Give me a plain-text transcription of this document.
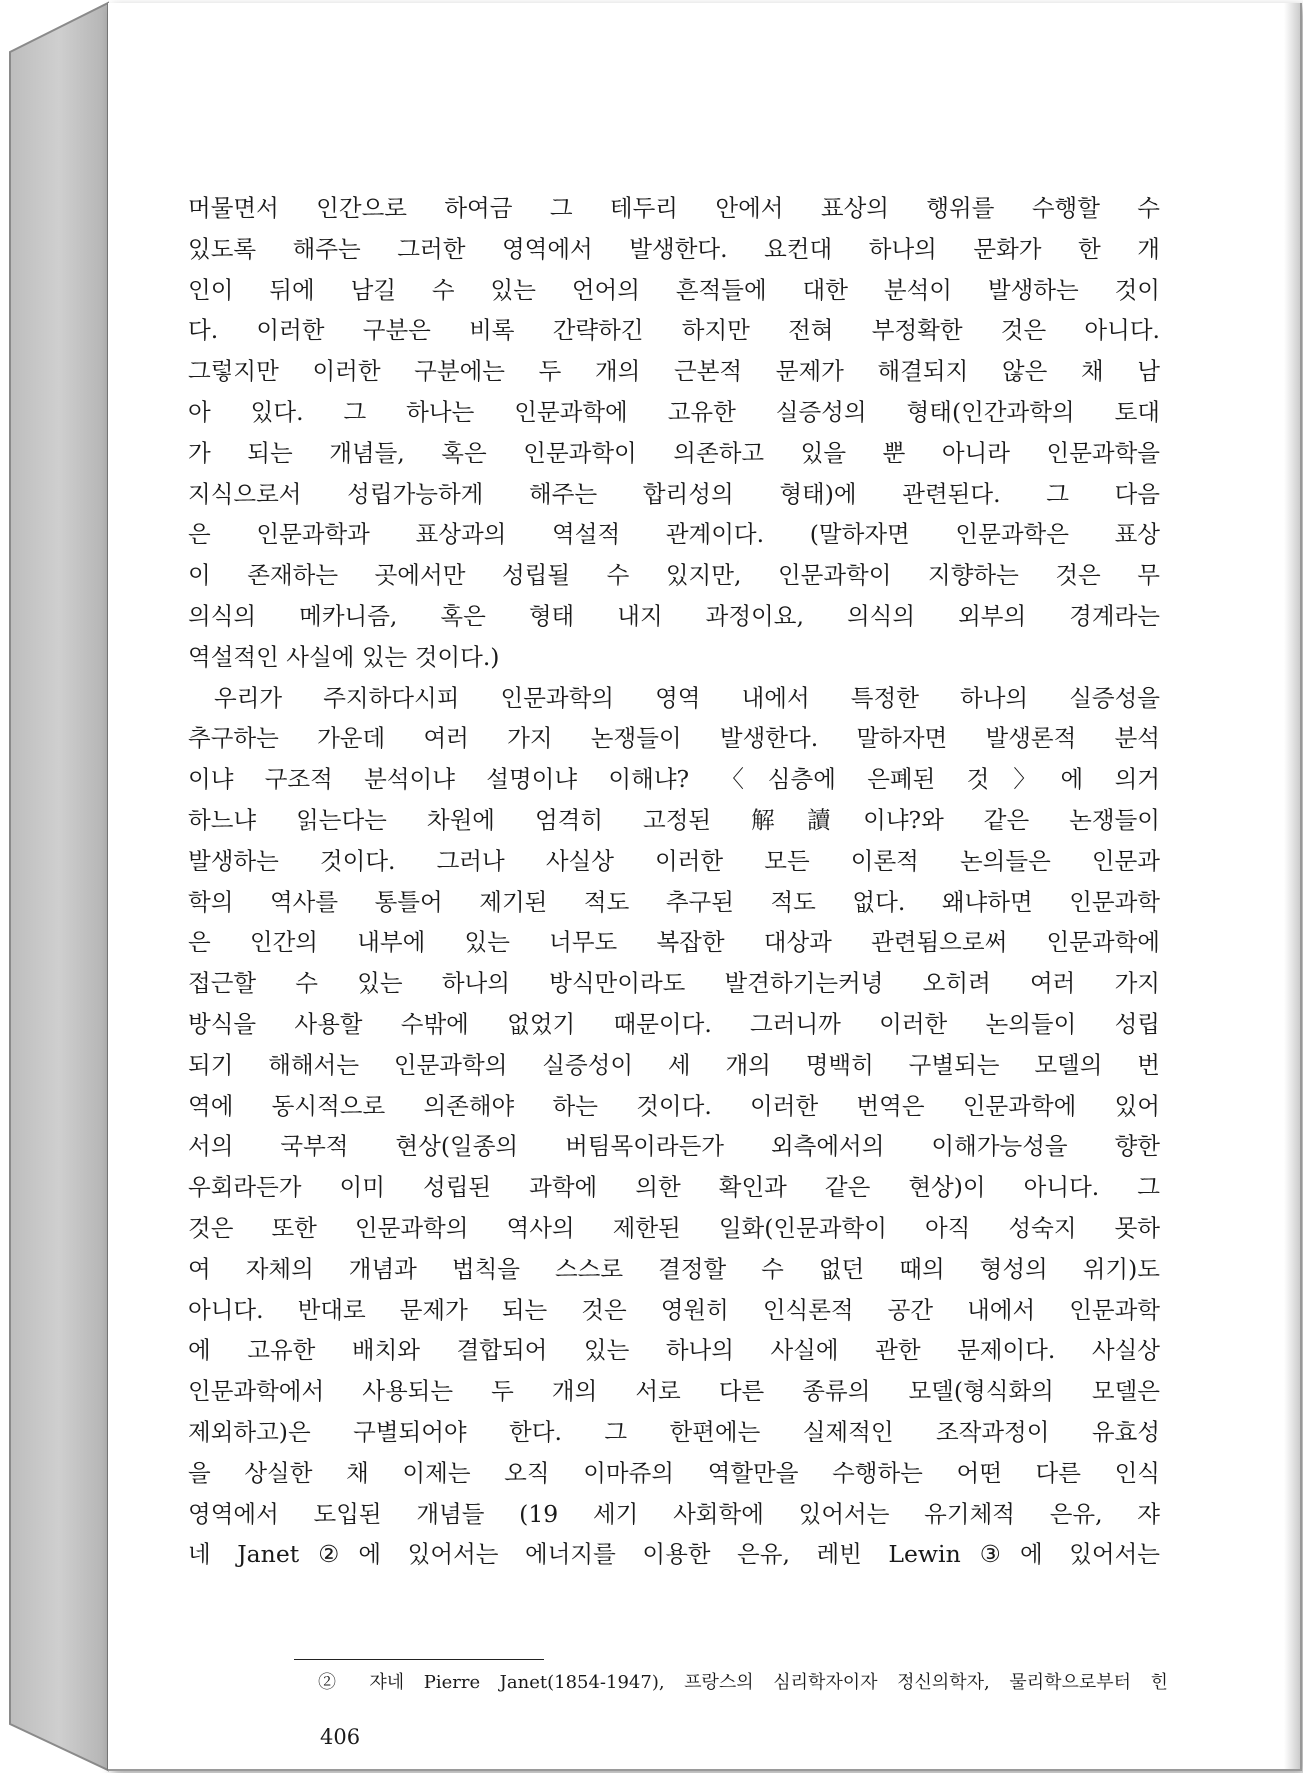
머물면서 인간으로 하여금 그 테두리 안에서 표상의 행위를 수행할 수
있도록 해주는 그러한 영역에서 발생한다. 요컨대 하나의 문화가 한 개
인이 뒤에 남길 수 있는 언어의 흔적들에 대한 분석이 발생하는 것이
다. 이러한 구분은 비록 간략하긴 하지만 전혀 부정확한 것은 아니다.
그렇지만 이러한 구분에는 두 개의 근본적 문제가 해결되지 않은 채 남
아 있다. 그 하나는 인문과학에 고유한 실증성의 형태(인간과학의 토대
가 되는 개념들, 혹은 인문과학이 의존하고 있을 뿐 아니라 인문과학을
지식으로서 성립가능하게 해주는 합리성의 형태)에 관련된다. 그 다음
은 인문과학과 표상과의 역설적 관계이다. (말하자면 인문과학은 표상
이 존재하는 곳에서만 성립될 수 있지만, 인문과학이 지향하는 것은 무
의식의 메카니즘, 혹은 형태 내지 과정이요, 의식의 외부의 경계라는
역설적인 사실에 있는 것이다.)
우리가 주지하다시피 인문과학의 영역 내에서 특정한 하나의 실증성을
추구하는 가운데 여러 가지 논쟁들이 발생한다. 말하자면 발생론적 분석
이냐 구조적 분석이냐 설명이냐 이해냐? 〈심층에 은폐된 것〉에 의거
하느냐 읽는다는 차원에 엄격히 고정된 解讀이냐?와 같은 논쟁들이
발생하는 것이다. 그러나 사실상 이러한 모든 이론적 논의들은 인문과
학의 역사를 통틀어 제기된 적도 추구된 적도 없다. 왜냐하면 인문과학
은 인간의 내부에 있는 너무도 복잡한 대상과 관련됨으로써 인문과학에
접근할 수 있는 하나의 방식만이라도 발견하기는커녕 오히려 여러 가지
방식을 사용할 수밖에 없었기 때문이다. 그러니까 이러한 논의들이 성립
되기 해해서는 인문과학의 실증성이 세 개의 명백히 구별되는 모델의 번
역에 동시적으로 의존해야 하는 것이다. 이러한 번역은 인문과학에 있어
서의 국부적 현상(일종의 버팀목이라든가 외측에서의 이해가능성을 향한
우회라든가 이미 성립된 과학에 의한 확인과 같은 현상)이 아니다. 그
것은 또한 인문과학의 역사의 제한된 일화(인문과학이 아직 성숙지 못하
여 자체의 개념과 법칙을 스스로 결정할 수 없던 때의 형성의 위기)도
아니다. 반대로 문제가 되는 것은 영원히 인식론적 공간 내에서 인문과학
에 고유한 배치와 결합되어 있는 하나의 사실에 관한 문제이다. 사실상
인문과학에서 사용되는 두 개의 서로 다른 종류의 모델(형식화의 모델은
제외하고)은 구별되어야 한다. 그 한편에는 실제적인 조작과정이 유효성
을 상실한 채 이제는 오직 이마쥬의 역할만을 수행하는 어떤 다른 인식
영역에서 도입된 개념들 (19 세기 사회학에 있어서는 유기체적 은유, 쟈
네 Janet②에 있어서는 에너지를 이용한 은유, 레빈 Lewin③에 있어서는
② 쟈네 Pierre Janet(1854-1947), 프랑스의 심리학자이자 정신의학자, 물리학으로부터 힌
406
